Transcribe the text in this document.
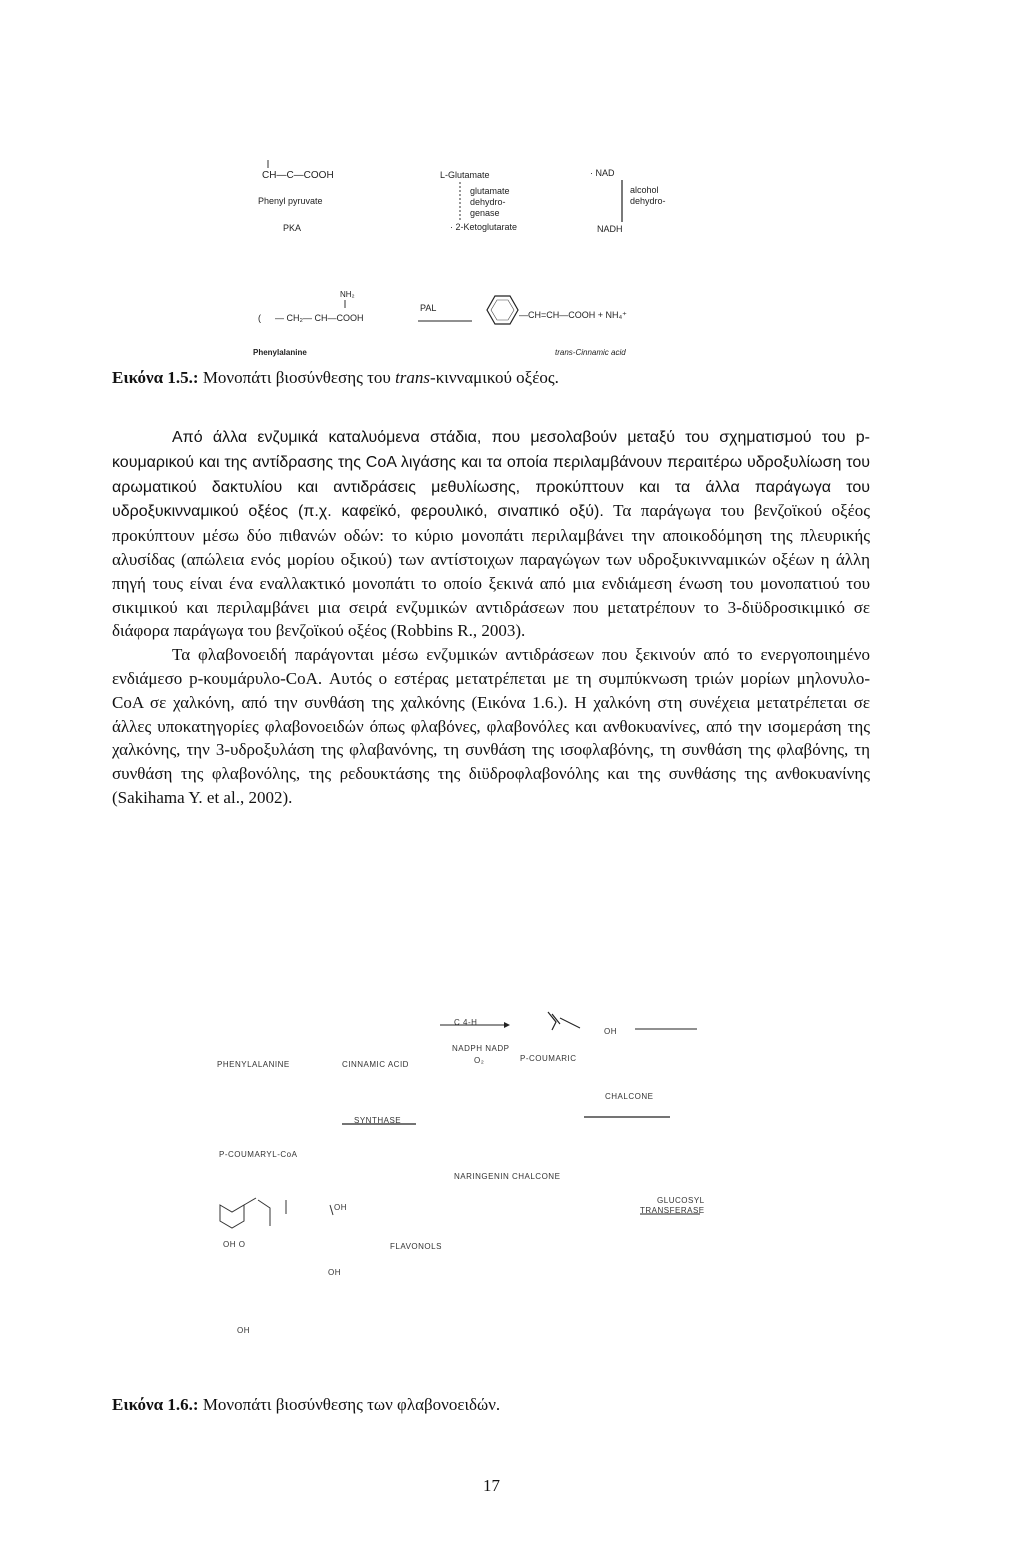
CH—C—COOH
Phenyl pyruvate
PKA
L-Glutamate
glutamate
dehydro-
genase
· 2-Ketoglutarate
· NAD
alcohol
dehydro-
NADH
NH₂
( — CH₂— CH—COOH
PAL
—CH=CH—COOH + NH₄⁺
Phenylalanine	trans-Cinnamic acid
Εικόνα 1.5.: Μονοπάτι βιοσύνθεσης του trans-κινναμικού οξέος.

Από άλλα ενζυμικά καταλυόμενα στάδια, που μεσολαβούν μεταξύ του σχηματισμού του p-κουμαρικού και της αντίδρασης της CoA λιγάσης και τα οποία περιλαμβάνουν περαιτέρω υδροξυλίωση του αρωματικού δακτυλίου και αντιδράσεις μεθυλίωσης, προκύπτουν και τα άλλα παράγωγα του υδροξυκινναμικού οξέος (π.χ. καφεϊκό, φερουλικό, σιναπικό οξύ). Τα παράγωγα του βενζοϊκού οξέος προκύπτουν μέσω δύο πιθανών οδών: το κύριο μονοπάτι περιλαμβάνει την αποικοδόμηση της πλευρικής αλυσίδας (απώλεια ενός μορίου οξικού) των αντίστοιχων παραγώγων των υδροξυκινναμικών οξέων η άλλη πηγή τους είναι ένα εναλλακτικό μονοπάτι το οποίο ξεκινά από μια ενδιάμεση ένωση του μονοπατιού του σικιμικού και περιλαμβάνει μια σειρά ενζυμικών αντιδράσεων που μετατρέπουν το 3-διϋδροσικιμικό σε διάφορα παράγωγα του βενζοϊκού οξέος (Robbins R., 2003).

Τα φλαβονοειδή παράγονται μέσω ενζυμικών αντιδράσεων που ξεκινούν από το ενεργοποιημένο ενδιάμεσο p-κουμάρυλο-CoA. Αυτός ο εστέρας μετατρέπεται με τη συμπύκνωση τριών μορίων μηλονυλο-CoA σε χαλκόνη, από την συνθάση της χαλκόνης (Εικόνα 1.6.). Η χαλκόνη στη συνέχεια μετατρέπεται σε άλλες υποκατηγορίες φλαβονοειδών όπως φλαβόνες, φλαβονόλες και ανθοκυανίνες, από την ισομεράση της χαλκόνης, την 3-υδροξυλάση της φλαβανόνης, τη συνθάση της ισοφλαβόνης, τη συνθάση της φλαβόνης, τη συνθάση της φλαβονόλης, της ρεδουκτάσης της διϋδροφλαβονόλης και της συνθάσης της ανθοκυανίνης (Sakihama Y. et al., 2002).

C 4-H
OH
NADPH NADP
PHENYLALANINE	CINNAMIC ACID	O₂	P-COUMARIC
CHALCONE
SYNTHASE
P-COUMARYL-CoA
NARINGENIN CHALCONE
GLUCOSYL
TRANSFERASE
OH
OH O	FLAVONOLS
OH
OH
Εικόνα 1.6.: Μονοπάτι βιοσύνθεσης των φλαβονοειδών.
17
